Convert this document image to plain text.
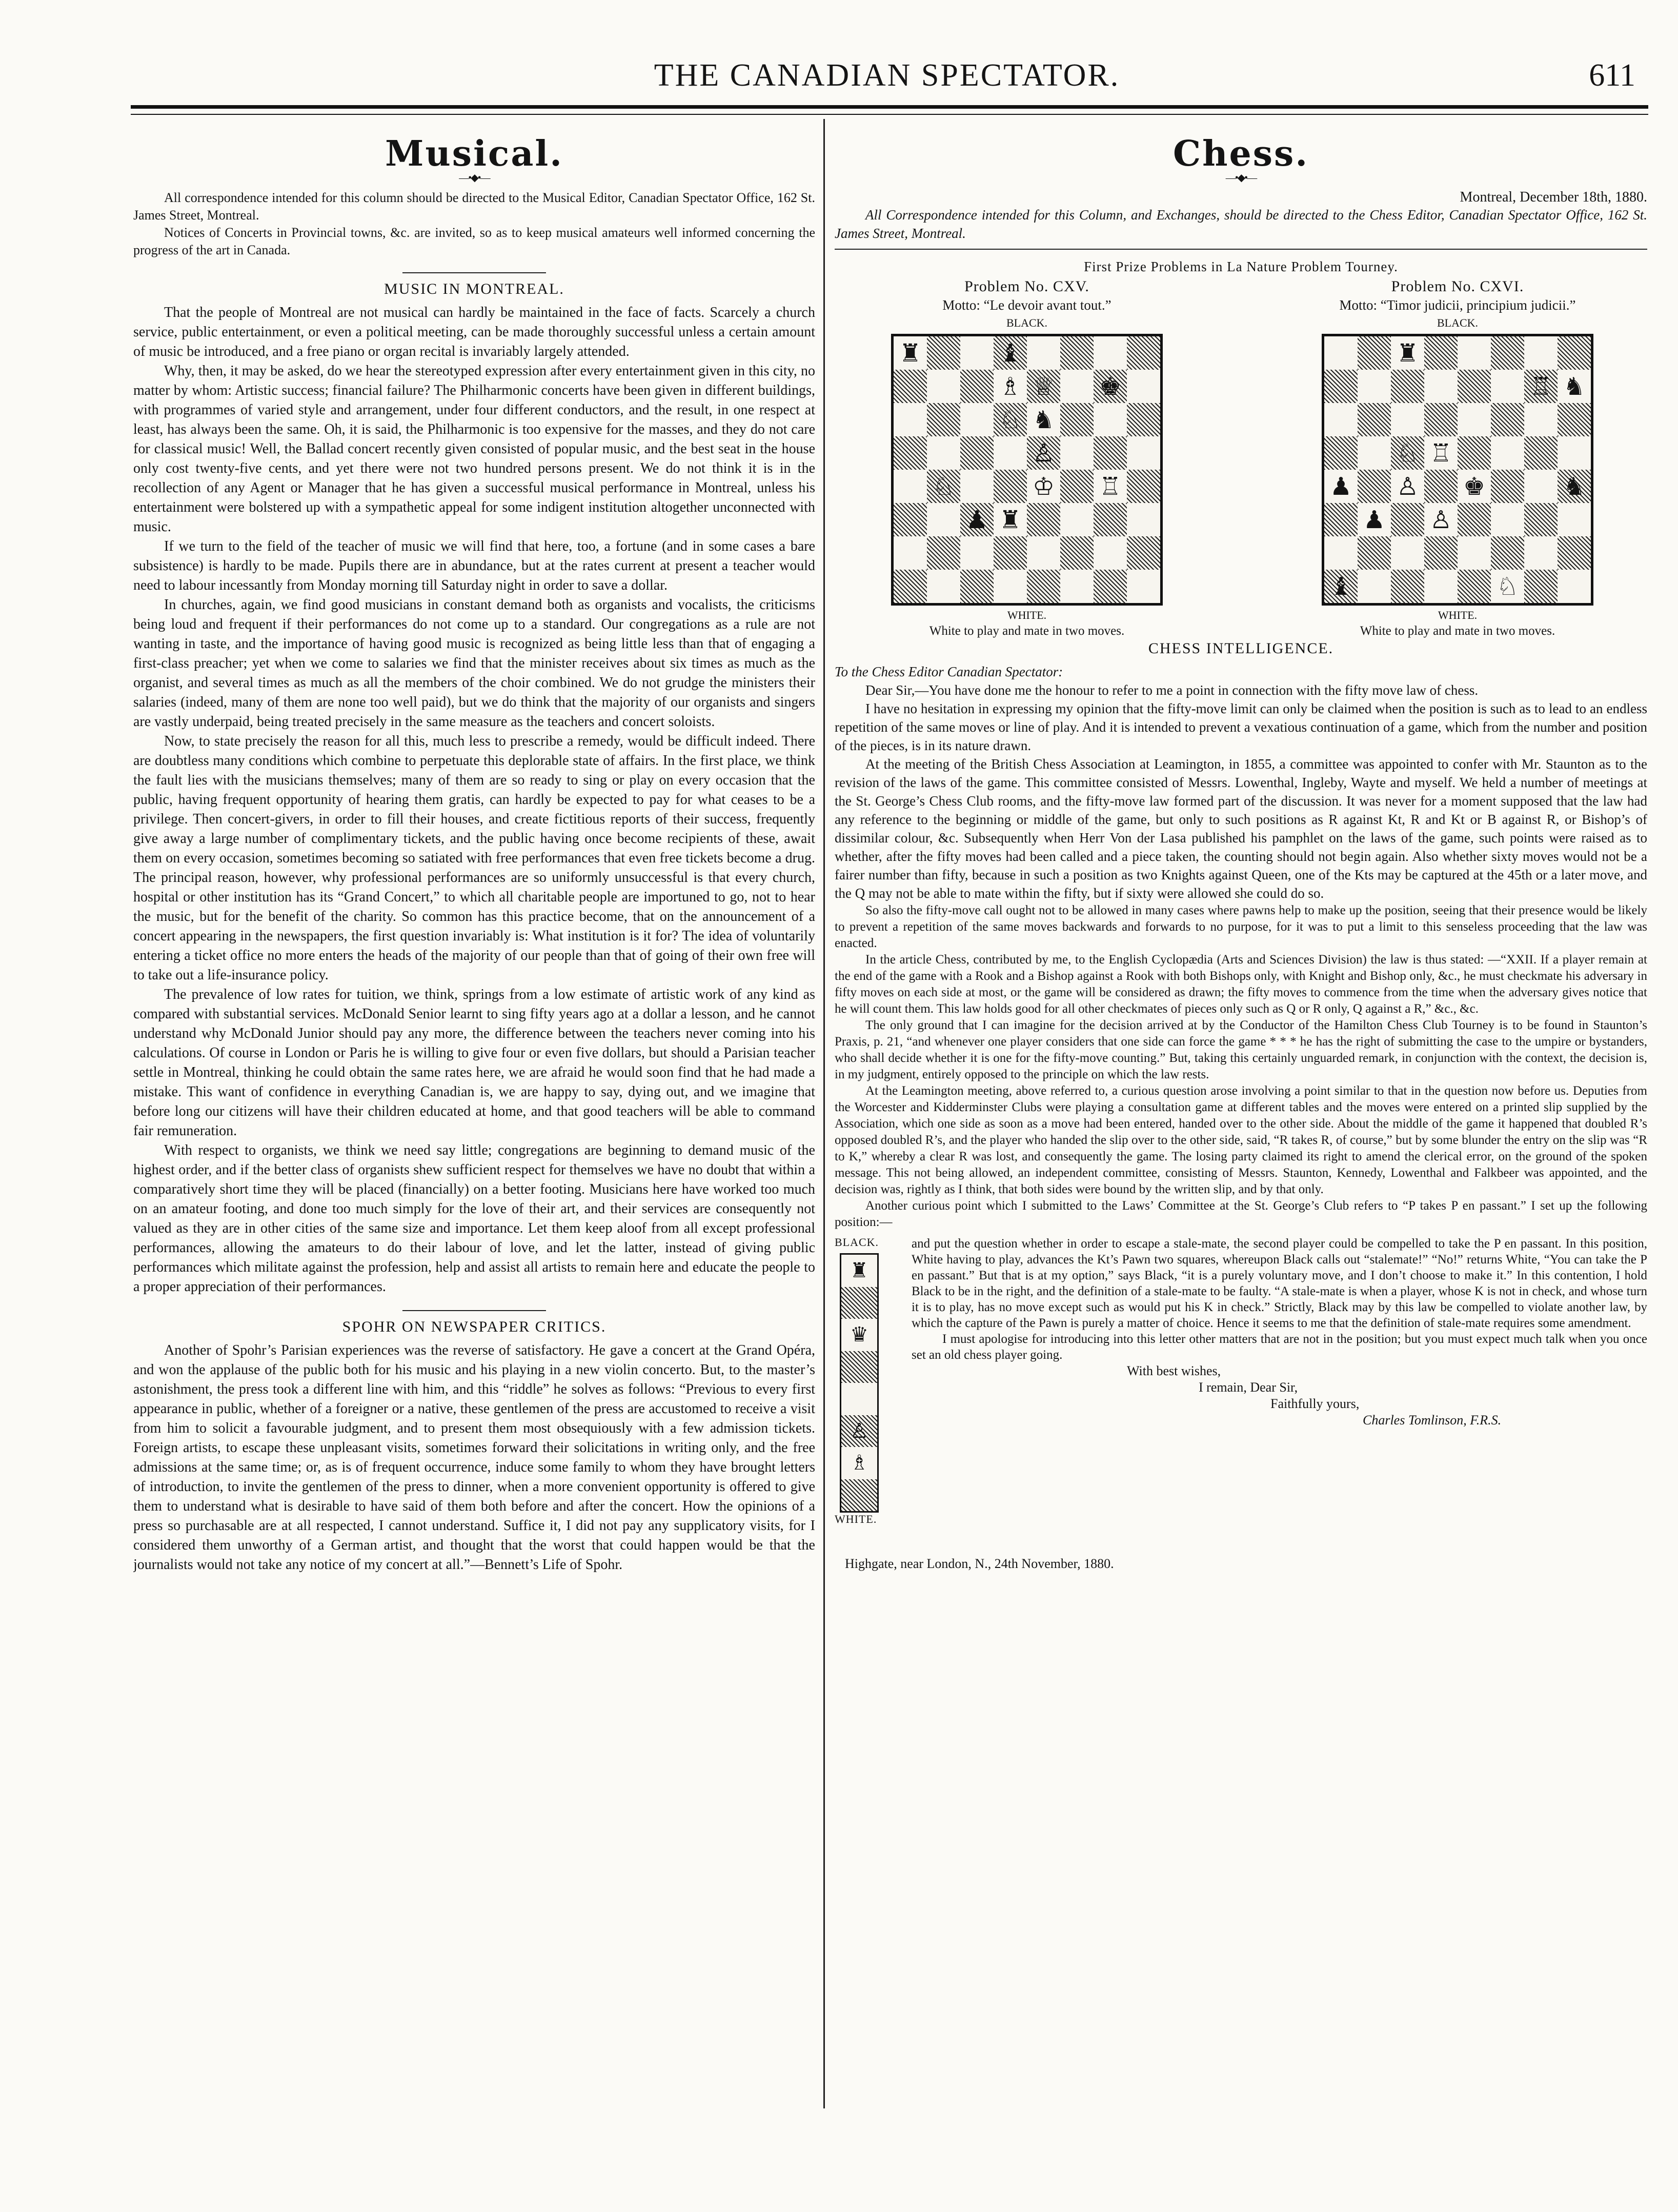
THE CANADIAN SPECTATOR.	611
Musical.
—•◆•—

All correspondence intended for this column should be directed to the Musical Editor, Canadian Spectator Office, 162 St. James Street, Montreal.

Notices of Concerts in Provincial towns, &c. are invited, so as to keep musical amateurs well informed concerning the progress of the art in Canada.

MUSIC IN MONTREAL.

That the people of Montreal are not musical can hardly be maintained in the face of facts. Scarcely a church service, public entertainment, or even a political meeting, can be made thoroughly successful unless a certain amount of music be introduced, and a free piano or organ recital is invariably largely attended.

Why, then, it may be asked, do we hear the stereotyped expression after every entertainment given in this city, no matter by whom: Artistic success; financial failure? The Philharmonic concerts have been given in different buildings, with programmes of varied style and arrangement, under four different conductors, and the result, in one respect at least, has always been the same. Oh, it is said, the Philharmonic is too expensive for the masses, and they do not care for classical music! Well, the Ballad concert recently given consisted of popular music, and the best seat in the house only cost twenty-five cents, and yet there were not two hundred persons present. We do not think it is in the recollection of any Agent or Manager that he has given a successful musical performance in Montreal, unless his entertainment were bolstered up with a sympathetic appeal for some indigent institution altogether unconnected with music.

If we turn to the field of the teacher of music we will find that here, too, a fortune (and in some cases a bare subsistence) is hardly to be made. Pupils there are in abundance, but at the rates current at present a teacher would need to labour incessantly from Monday morning till Saturday night in order to save a dollar.

In churches, again, we find good musicians in constant demand both as organists and vocalists, the criticisms being loud and frequent if their performances do not come up to a standard. Our congregations as a rule are not wanting in taste, and the importance of having good music is recognized as being little less than that of engaging a first-class preacher; yet when we come to salaries we find that the minister receives about six times as much as the organist, and several times as much as all the members of the choir combined. We do not grudge the ministers their salaries (indeed, many of them are none too well paid), but we do think that the majority of our organists and singers are vastly underpaid, being treated precisely in the same measure as the teachers and concert soloists.

Now, to state precisely the reason for all this, much less to prescribe a remedy, would be difficult indeed. There are doubtless many conditions which combine to perpetuate this deplorable state of affairs. In the first place, we think the fault lies with the musicians themselves; many of them are so ready to sing or play on every occasion that the public, having frequent opportunity of hearing them gratis, can hardly be expected to pay for what ceases to be a privilege. Then concert-givers, in order to fill their houses, and create fictitious reports of their success, frequently give away a large number of complimentary tickets, and the public having once become recipients of these, await them on every occasion, sometimes becoming so satiated with free performances that even free tickets become a drug. The principal reason, however, why professional performances are so uniformly unsuccessful is that every church, hospital or other institution has its “Grand Concert,” to which all charitable people are importuned to go, not to hear the music, but for the benefit of the charity. So common has this practice become, that on the announcement of a concert appearing in the newspapers, the first question invariably is: What institution is it for? The idea of voluntarily entering a ticket office no more enters the heads of the majority of our people than that of going of their own free will to take out a life-insurance policy.

The prevalence of low rates for tuition, we think, springs from a low estimate of artistic work of any kind as compared with substantial services. McDonald Senior learnt to sing fifty years ago at a dollar a lesson, and he cannot understand why McDonald Junior should pay any more, the difference between the teachers never coming into his calculations. Of course in London or Paris he is willing to give four or even five dollars, but should a Parisian teacher settle in Montreal, thinking he could obtain the same rates here, we are afraid he would soon find that he had made a mistake. This want of confidence in everything Canadian is, we are happy to say, dying out, and we imagine that before long our citizens will have their children educated at home, and that good teachers will be able to command fair remuneration.

With respect to organists, we think we need say little; congregations are beginning to demand music of the highest order, and if the better class of organists shew sufficient respect for themselves we have no doubt that within a comparatively short time they will be placed (financially) on a better footing. Musicians here have worked too much on an amateur footing, and done too much simply for the love of their art, and their services are consequently not valued as they are in other cities of the same size and importance. Let them keep aloof from all except professional performances, allowing the amateurs to do their labour of love, and let the latter, instead of giving public performances which militate against the profession, help and assist all artists to remain here and educate the people to a proper appreciation of their performances.

SPOHR ON NEWSPAPER CRITICS.

Another of Spohr’s Parisian experiences was the reverse of satisfactory. He gave a concert at the Grand Opéra, and won the applause of the public both for his music and his playing in a new violin concerto. But, to the master’s astonishment, the press took a different line with him, and this “riddle” he solves as follows: “Previous to every first appearance in public, whether of a foreigner or a native, these gentlemen of the press are accustomed to receive a visit from him to solicit a favourable judgment, and to present them most obsequiously with a few admission tickets. Foreign artists, to escape these unpleasant visits, sometimes forward their solicitations in writing only, and the free admissions at the same time; or, as is of frequent occurrence, induce some family to whom they have brought letters of introduction, to invite the gentlemen of the press to dinner, when a more convenient opportunity is offered to give them to understand what is desirable to have said of them both before and after the concert. How the opinions of a press so purchasable are at all respected, I cannot understand. Suffice it, I did not pay any supplicatory visits, for I considered them unworthy of a German artist, and thought that the worst that could happen would be that the journalists would not take any notice of my concert at all.”—Bennett’s Life of Spohr.

Chess.
—•◆•—
Montreal, December 18th, 1880.
All Correspondence intended for this Column, and Exchanges, should be directed to the Chess Editor, Canadian Spectator Office, 162 St. James Street, Montreal.
First Prize Problems in La Nature Problem Tourney.
Problem No. CXV.
Motto: “Le devoir avant tout.”
BLACK.
♜	♝
♗ ♕ ♚
♘ ♞
♙
♘	♔ ♖
♟ ♜
WHITE.
White to play and mate in two moves.
Problem No. CXVI.
Motto: “Timor judicii, principium judicii.”
BLACK.
♜
♖ ♞
♘ ♖
♟ ♙ ♚	♞
♟ ♙
♝	♘
WHITE.
White to play and mate in two moves.
CHESS INTELLIGENCE.
To the Chess Editor Canadian Spectator:

Dear Sir,—You have done me the honour to refer to me a point in connection with the fifty move law of chess.

I have no hesitation in expressing my opinion that the fifty-move limit can only be claimed when the position is such as to lead to an endless repetition of the same moves or line of play. And it is intended to prevent a vexatious continuation of a game, which from the number and position of the pieces, is in its nature drawn.

At the meeting of the British Chess Association at Leamington, in 1855, a committee was appointed to confer with Mr. Staunton as to the revision of the laws of the game. This committee consisted of Messrs. Lowenthal, Ingleby, Wayte and myself. We held a number of meetings at the St. George’s Chess Club rooms, and the fifty-move law formed part of the discussion. It was never for a moment supposed that the law had any reference to the beginning or middle of the game, but only to such positions as R against Kt, R and Kt or B against R, or Bishop’s of dissimilar colour, &c. Subsequently when Herr Von der Lasa published his pamphlet on the laws of the game, such points were raised as to whether, after the fifty moves had been called and a piece taken, the counting should not begin again. Also whether sixty moves would not be a fairer number than fifty, because in such a position as two Knights against Queen, one of the Kts may be captured at the 45th or a later move, and the Q may not be able to mate within the fifty, but if sixty were allowed she could do so.

So also the fifty-move call ought not to be allowed in many cases where pawns help to make up the position, seeing that their presence would be likely to prevent a repetition of the same moves backwards and forwards to no purpose, for it was to put a limit to this senseless proceeding that the law was enacted.

In the article Chess, contributed by me, to the English Cyclopædia (Arts and Sciences Division) the law is thus stated: —“XXII. If a player remain at the end of the game with a Rook and a Bishop against a Rook with both Bishops only, with Knight and Bishop only, &c., he must checkmate his adversary in fifty moves on each side at most, or the game will be considered as drawn; the fifty moves to commence from the time when the adversary gives notice that he will count them. This law holds good for all other checkmates of pieces only such as Q or R only, Q against a R,” &c., &c.

The only ground that I can imagine for the decision arrived at by the Conductor of the Hamilton Chess Club Tourney is to be found in Staunton’s Praxis, p. 21, “and whenever one player considers that one side can force the game * * * he has the right of submitting the case to the umpire or bystanders, who shall decide whether it is one for the fifty-move counting.” But, taking this certainly unguarded remark, in conjunction with the context, the decision is, in my judgment, entirely opposed to the principle on which the law rests.

At the Leamington meeting, above referred to, a curious question arose involving a point similar to that in the question now before us. Deputies from the Worcester and Kidderminster Clubs were playing a consultation game at different tables and the moves were entered on a printed slip supplied by the Association, which one side as soon as a move had been entered, handed over to the other side. About the middle of the game it happened that doubled R’s opposed doubled R’s, and the player who handed the slip over to the other side, said, “R takes R, of course,” but by some blunder the entry on the slip was “R to K,” whereby a clear R was lost, and consequently the game. The losing party claimed its right to amend the clerical error, on the ground of the spoken message. This not being allowed, an independent committee, consisting of Messrs. Staunton, Kennedy, Lowenthal and Falkbeer was appointed, and the decision was, rightly as I think, that both sides were bound by the written slip, and by that only.

Another curious point which I submitted to the Laws’ Committee at the St. George’s Club refers to “P takes P en passant.” I set up the following position:—

BLACK.
♜
♛
♙
♗
WHITE.

and put the question whether in order to escape a stale-mate, the second player could be compelled to take the P en passant. In this position, White having to play, advances the Kt’s Pawn two squares, whereupon Black calls out “stalemate!” “No!” returns White, “You can take the P en passant.” But that is at my option,” says Black, “it is a purely voluntary move, and I don’t choose to make it.” In this contention, I hold Black to be in the right, and the definition of a stale-mate to be faulty. “A stale-mate is when a player, whose K is not in check, and whose turn it is to play, has no move except such as would put his K in check.” Strictly, Black may by this law be compelled to violate another law, by which the capture of the Pawn is purely a matter of choice. Hence it seems to me that the definition of stale-mate requires some amendment.

I must apologise for introducing into this letter other matters that are not in the position; but you must expect much talk when you once set an old chess player going.

With best wishes,
I remain, Dear Sir,
Faithfully yours,
Charles Tomlinson, F.R.S.
Highgate, near London, N., 24th November, 1880.
